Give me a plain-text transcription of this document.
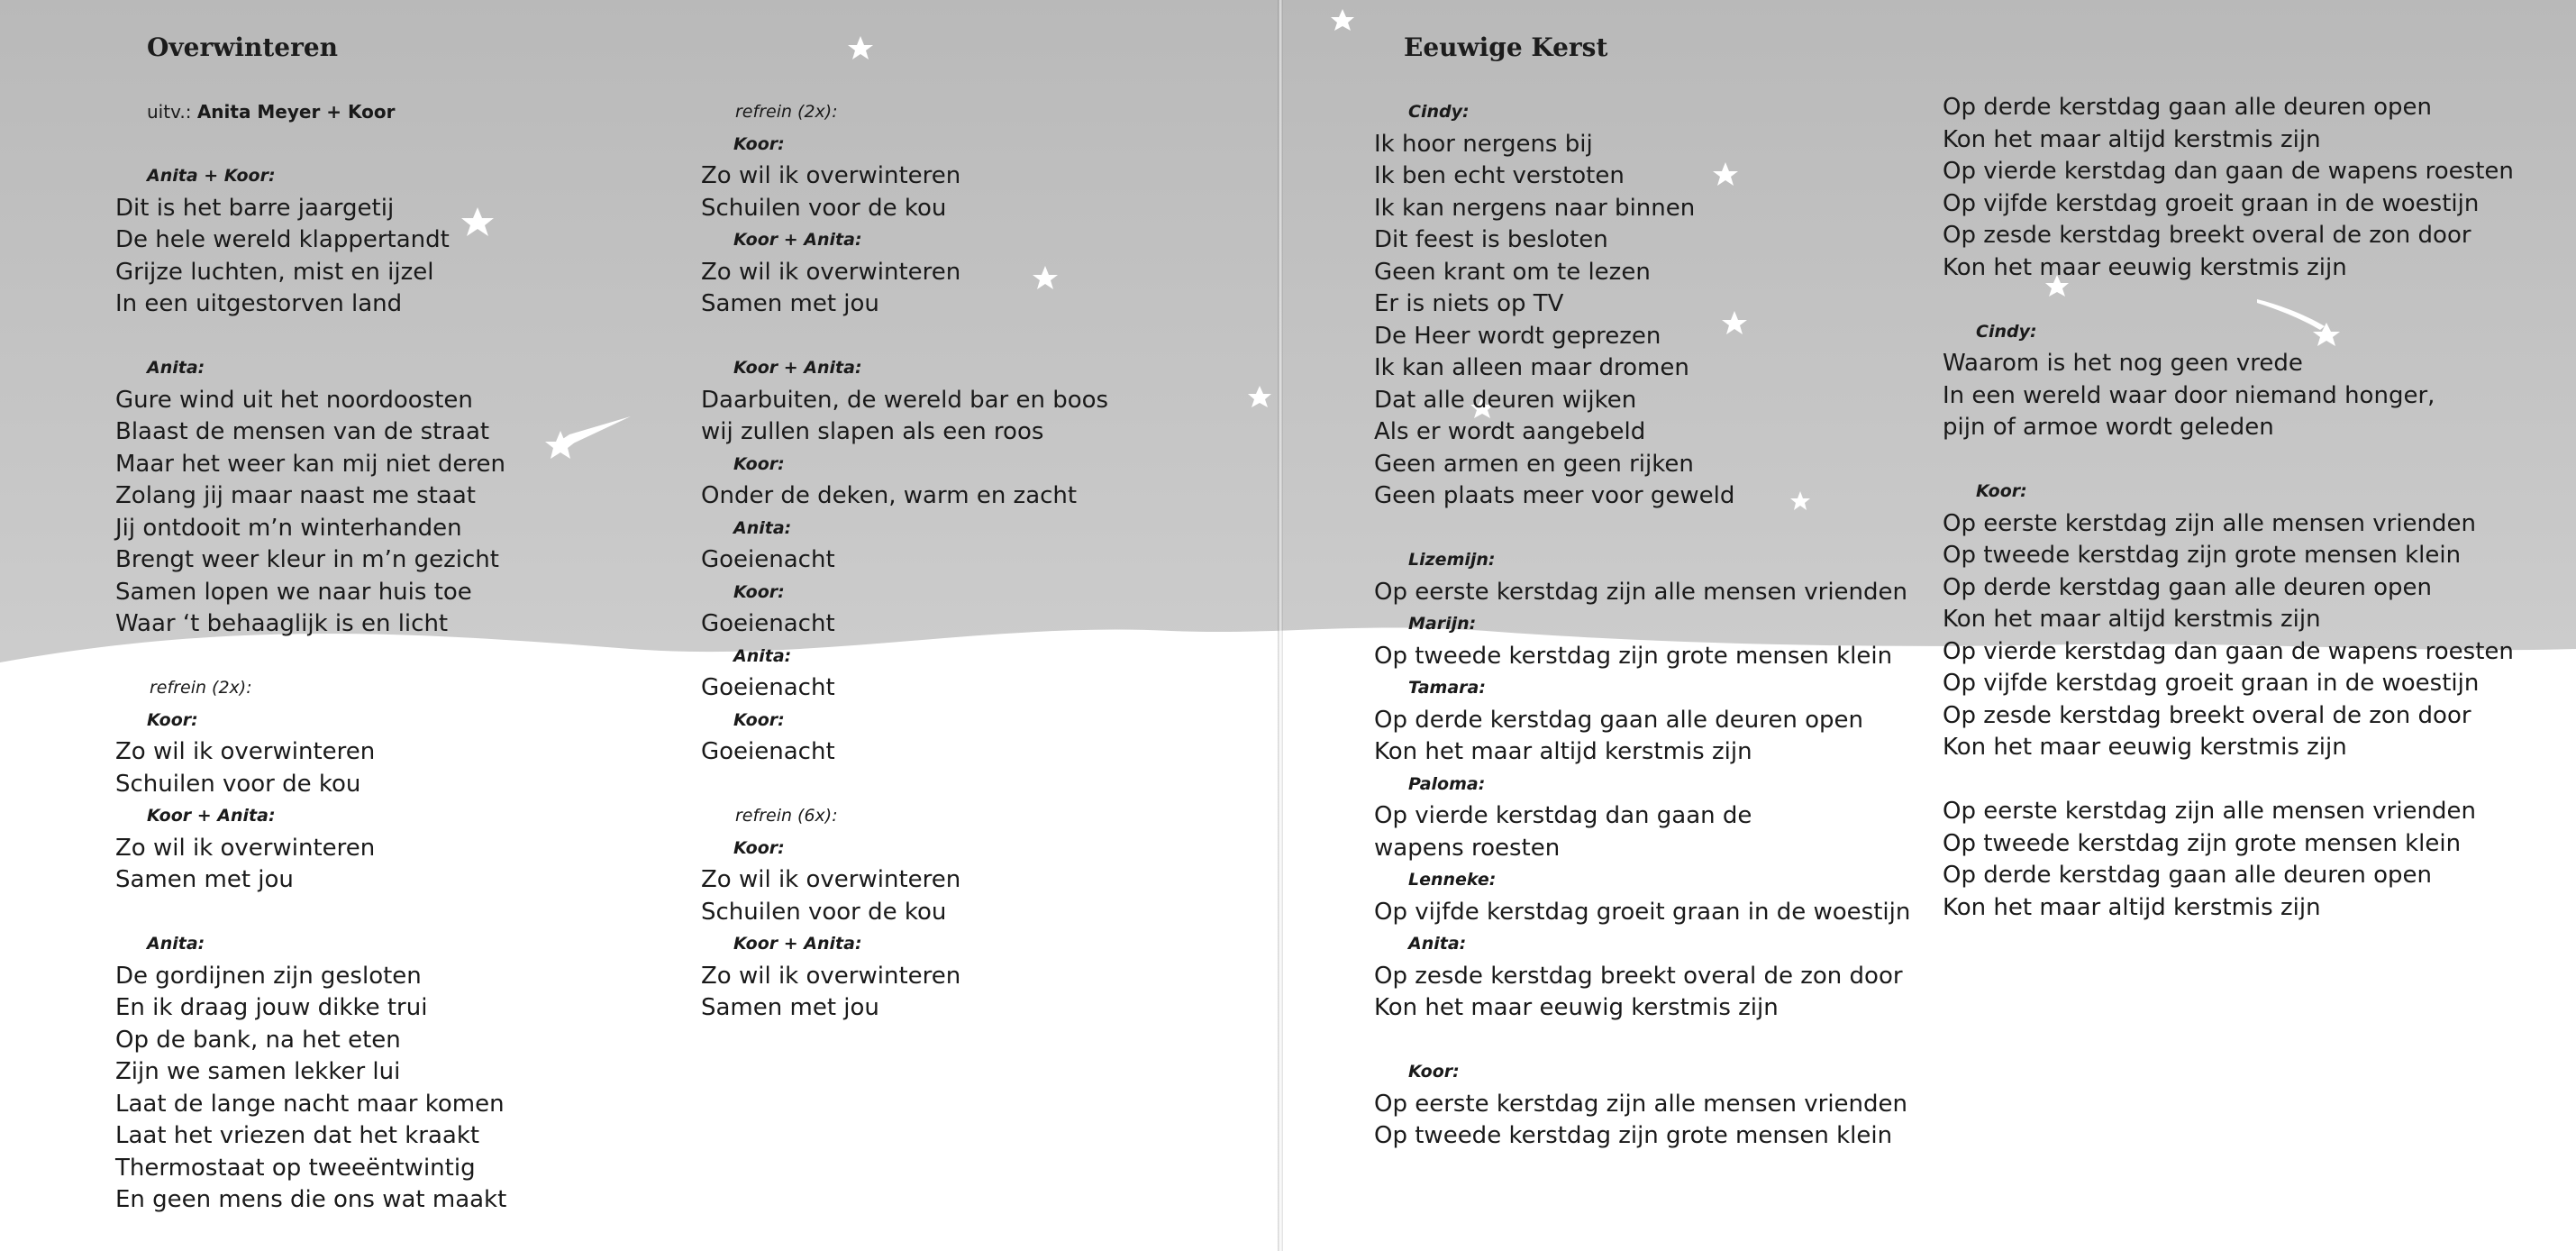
Overwinteren
uitv.: Anita Meyer + Koor
Anita + Koor:
Dit is het barre jaargetij
De hele wereld klappertandt
Grijze luchten, mist en ijzel
In een uitgestorven land
Anita:
Gure wind uit het noordoosten
Blaast de mensen van de straat
Maar het weer kan mij niet deren
Zolang jij maar naast me staat
Jij ontdooit m’n winterhanden
Brengt weer kleur in m’n gezicht
Samen lopen we naar huis toe
Waar ‘t behaaglijk is en licht
refrein (2x):
Koor:
Zo wil ik overwinteren
Schuilen voor de kou
Koor + Anita:
Zo wil ik overwinteren
Samen met jou
Anita:
De gordijnen zijn gesloten
En ik draag jouw dikke trui
Op de bank, na het eten
Zijn we samen lekker lui
Laat de lange nacht maar komen
Laat het vriezen dat het kraakt
Thermostaat op tweeëntwintig
En geen mens die ons wat maakt
refrein (2x):
Koor:
Zo wil ik overwinteren
Schuilen voor de kou
Koor + Anita:
Zo wil ik overwinteren
Samen met jou
Koor + Anita:
Daarbuiten, de wereld bar en boos
wij zullen slapen als een roos
Koor:
Onder de deken, warm en zacht
Anita:
Goeienacht
Koor:
Goeienacht
Anita:
Goeienacht
Koor:
Goeienacht
refrein (6x):
Koor:
Zo wil ik overwinteren
Schuilen voor de kou
Koor + Anita:
Zo wil ik overwinteren
Samen met jou
Eeuwige Kerst
Cindy:
Ik hoor nergens bij
Ik ben echt verstoten
Ik kan nergens naar binnen
Dit feest is besloten
Geen krant om te lezen
Er is niets op TV
De Heer wordt geprezen
Ik kan alleen maar dromen
Dat alle deuren wijken
Als er wordt aangebeld
Geen armen en geen rijken
Geen plaats meer voor geweld
Lizemijn:
Op eerste kerstdag zijn alle mensen vrienden
Marijn:
Op tweede kerstdag zijn grote mensen klein
Tamara:
Op derde kerstdag gaan alle deuren open
Kon het maar altijd kerstmis zijn
Paloma:
Op vierde kerstdag dan gaan de
wapens roesten
Lenneke:
Op vijfde kerstdag groeit graan in de woestijn
Anita:
Op zesde kerstdag breekt overal de zon door
Kon het maar eeuwig kerstmis zijn
Koor:
Op eerste kerstdag zijn alle mensen vrienden
Op tweede kerstdag zijn grote mensen klein
Op derde kerstdag gaan alle deuren open
Kon het maar altijd kerstmis zijn
Op vierde kerstdag dan gaan de wapens roesten
Op vijfde kerstdag groeit graan in de woestijn
Op zesde kerstdag breekt overal de zon door
Kon het maar eeuwig kerstmis zijn
Cindy:
Waarom is het nog geen vrede
In een wereld waar door niemand honger,
pijn of armoe wordt geleden
Koor:
Op eerste kerstdag zijn alle mensen vrienden
Op tweede kerstdag zijn grote mensen klein
Op derde kerstdag gaan alle deuren open
Kon het maar altijd kerstmis zijn
Op vierde kerstdag dan gaan de wapens roesten
Op vijfde kerstdag groeit graan in de woestijn
Op zesde kerstdag breekt overal de zon door
Kon het maar eeuwig kerstmis zijn
Op eerste kerstdag zijn alle mensen vrienden
Op tweede kerstdag zijn grote mensen klein
Op derde kerstdag gaan alle deuren open
Kon het maar altijd kerstmis zijn
